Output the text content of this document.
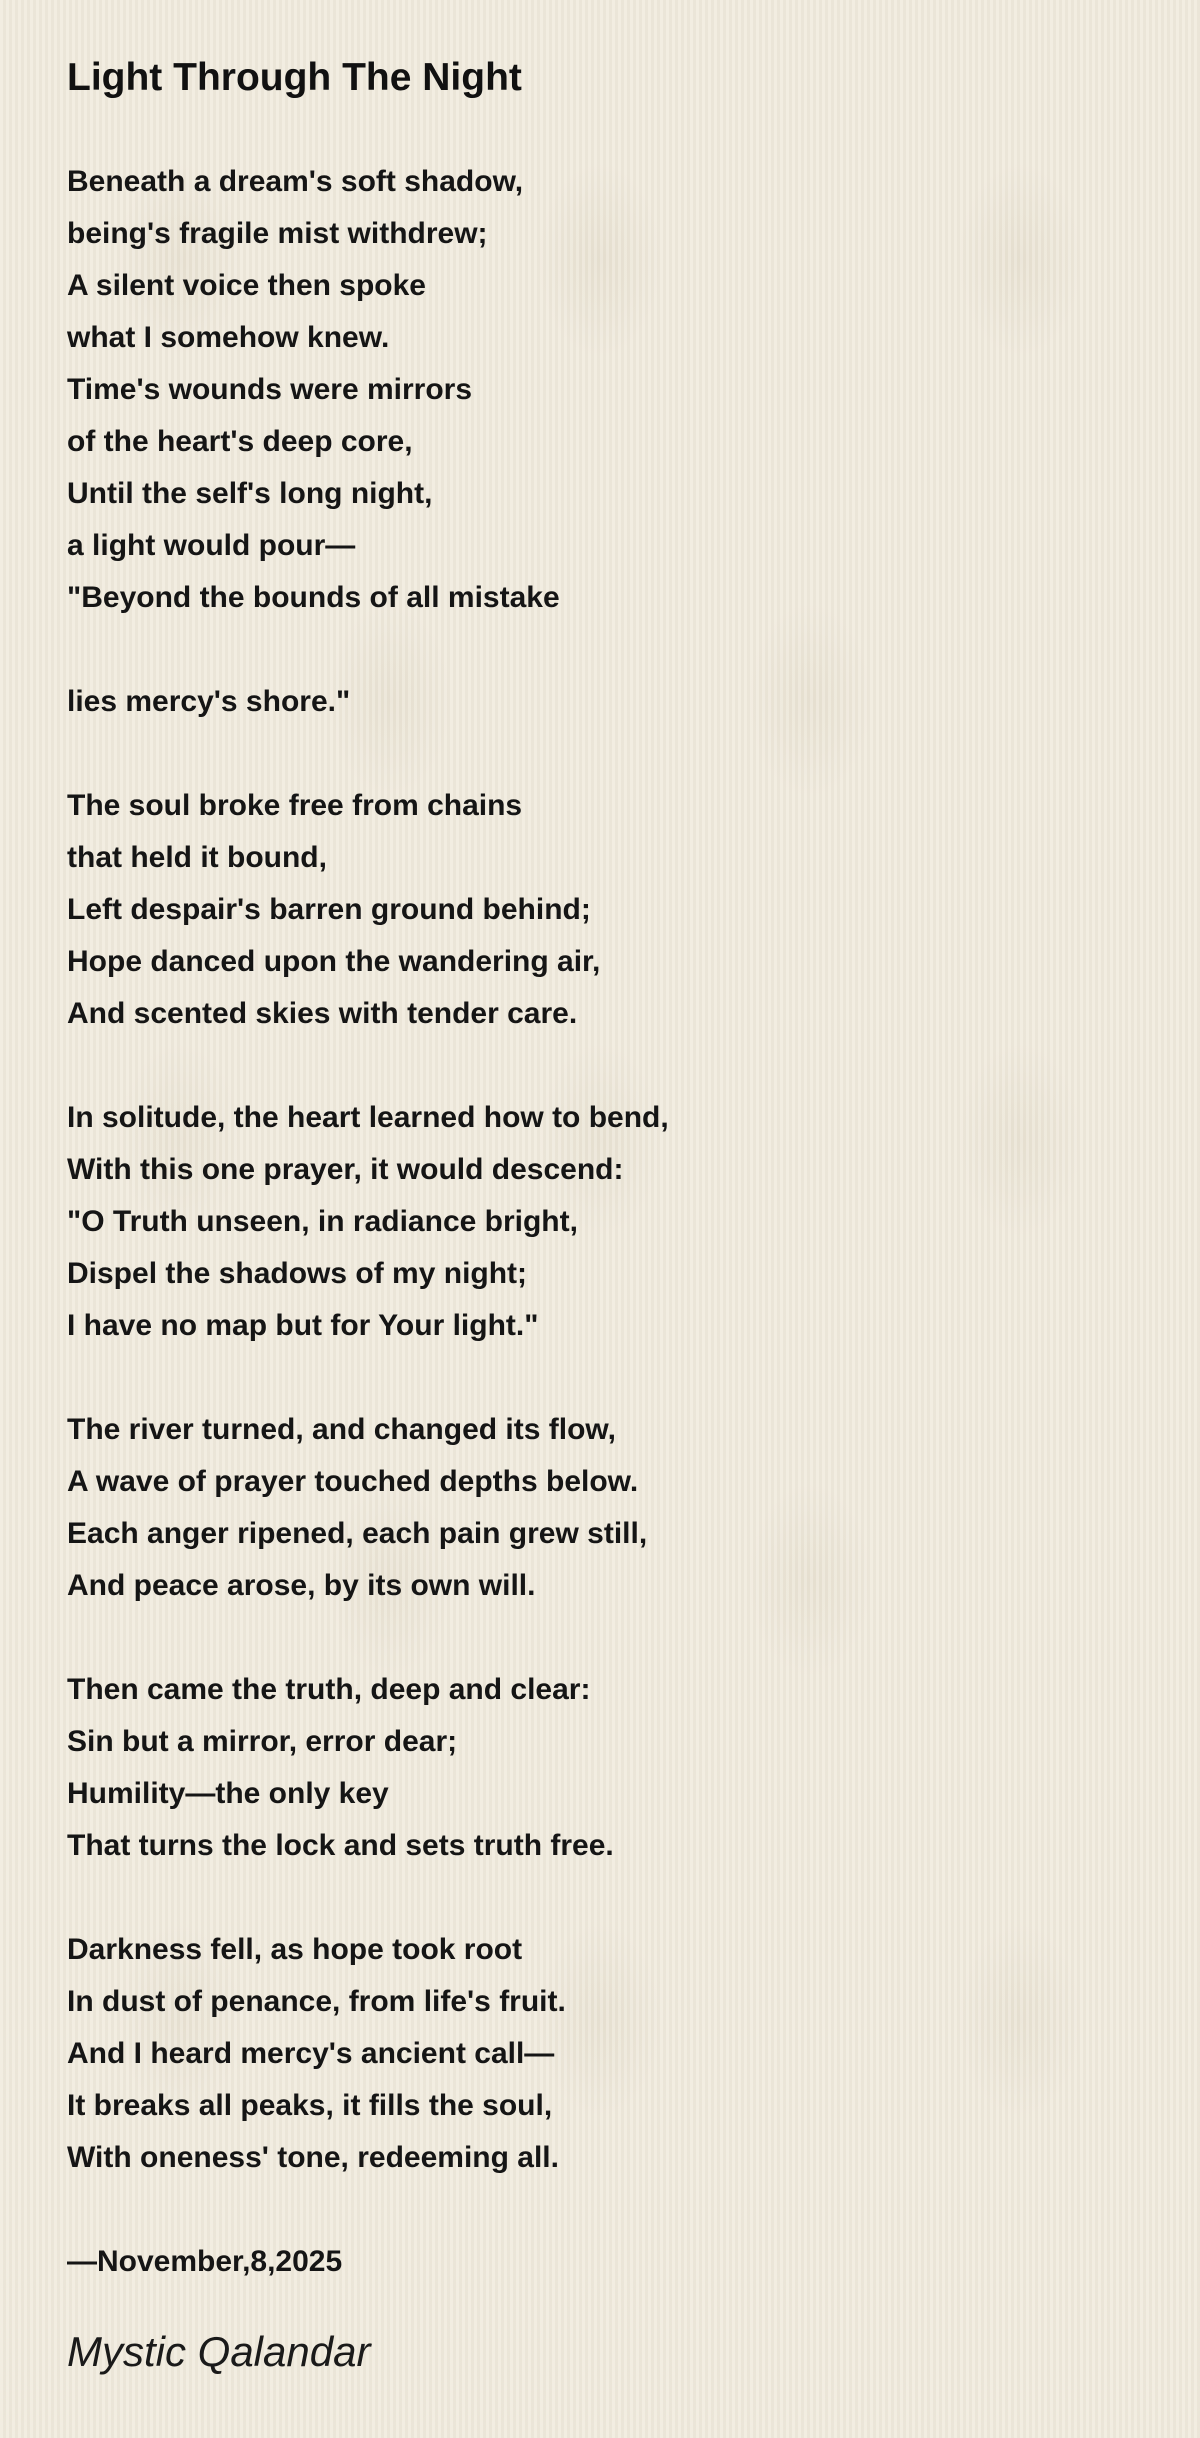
Light Through The Night
Beneath a dream's soft shadow,
being's fragile mist withdrew;
A silent voice then spoke
what I somehow knew.
Time's wounds were mirrors
of the heart's deep core,
Until the self's long night,
a light would pour—
"Beyond the bounds of all mistake
lies mercy's shore."
The soul broke free from chains
that held it bound,
Left despair's barren ground behind;
Hope danced upon the wandering air,
And scented skies with tender care.
In solitude, the heart learned how to bend,
With this one prayer, it would descend:
"O Truth unseen, in radiance bright,
Dispel the shadows of my night;
I have no map but for Your light."
The river turned, and changed its flow,
A wave of prayer touched depths below.
Each anger ripened, each pain grew still,
And peace arose, by its own will.
Then came the truth, deep and clear:
Sin but a mirror, error dear;
Humility—the only key
That turns the lock and sets truth free.
Darkness fell, as hope took root
In dust of penance, from life's fruit.
And I heard mercy's ancient call—
It breaks all peaks, it fills the soul,
With oneness' tone, redeeming all.
—November,8,2025
Mystic Qalandar
